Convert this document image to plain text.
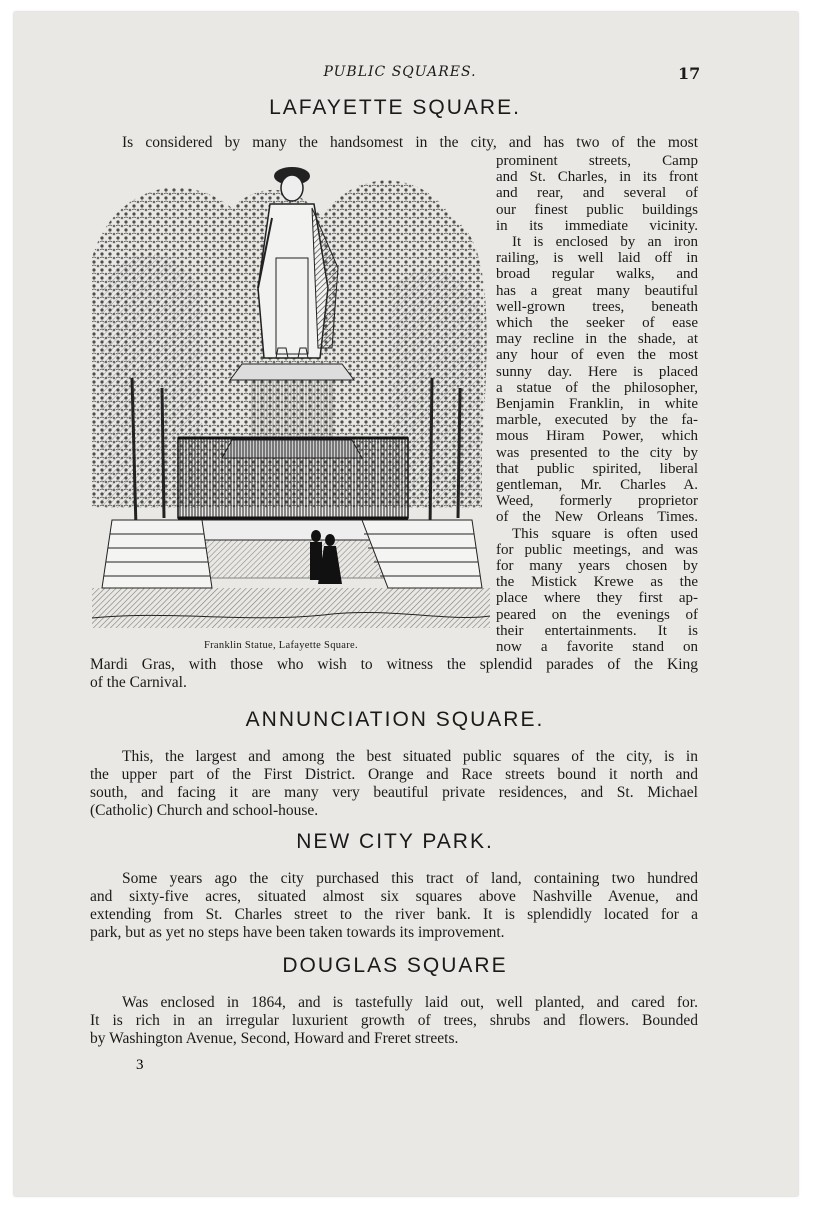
PUBLIC SQUARES.	17
LAFAYETTE SQUARE.
Is considered by many the handsomest in the city, and has two of the most
prominent streets, Camp
and St. Charles, in its front
and rear, and several of
our finest public buildings
in its immediate vicinity.
It is enclosed by an iron
railing, is well laid off in
broad regular walks, and
has a great many beautiful
well-grown trees, beneath
which the seeker of ease
may recline in the shade, at
any hour of even the most
sunny day. Here is placed
a statue of the philosopher,
Benjamin Franklin, in white
marble, executed by the fa-
mous Hiram Power, which
was presented to the city by
that public spirited, liberal
gentleman, Mr. Charles A.
Weed, formerly proprietor
of the New Orleans Times.
This square is often used
for public meetings, and was
for many years chosen by
the Mistick Krewe as the
place where they first ap-
peared on the evenings of
their entertainments. It is
now a favorite stand on
Franklin Statue, Lafayette Square.
Mardi Gras, with those who wish to witness the splendid parades of the King
of the Carnival.
ANNUNCIATION SQUARE.
This, the largest and among the best situated public squares of the city, is in
the upper part of the First District. Orange and Race streets bound it north and
south, and facing it are many very beautiful private residences, and St. Michael
(Catholic) Church and school-house.
NEW CITY PARK.
Some years ago the city purchased this tract of land, containing two hundred
and sixty-five acres, situated almost six squares above Nashville Avenue, and
extending from St. Charles street to the river bank. It is splendidly located for a
park, but as yet no steps have been taken towards its improvement.
DOUGLAS SQUARE
Was enclosed in 1864, and is tastefully laid out, well planted, and cared for.
It is rich in an irregular luxurient growth of trees, shrubs and flowers. Bounded
by Washington Avenue, Second, Howard and Freret streets.
3
